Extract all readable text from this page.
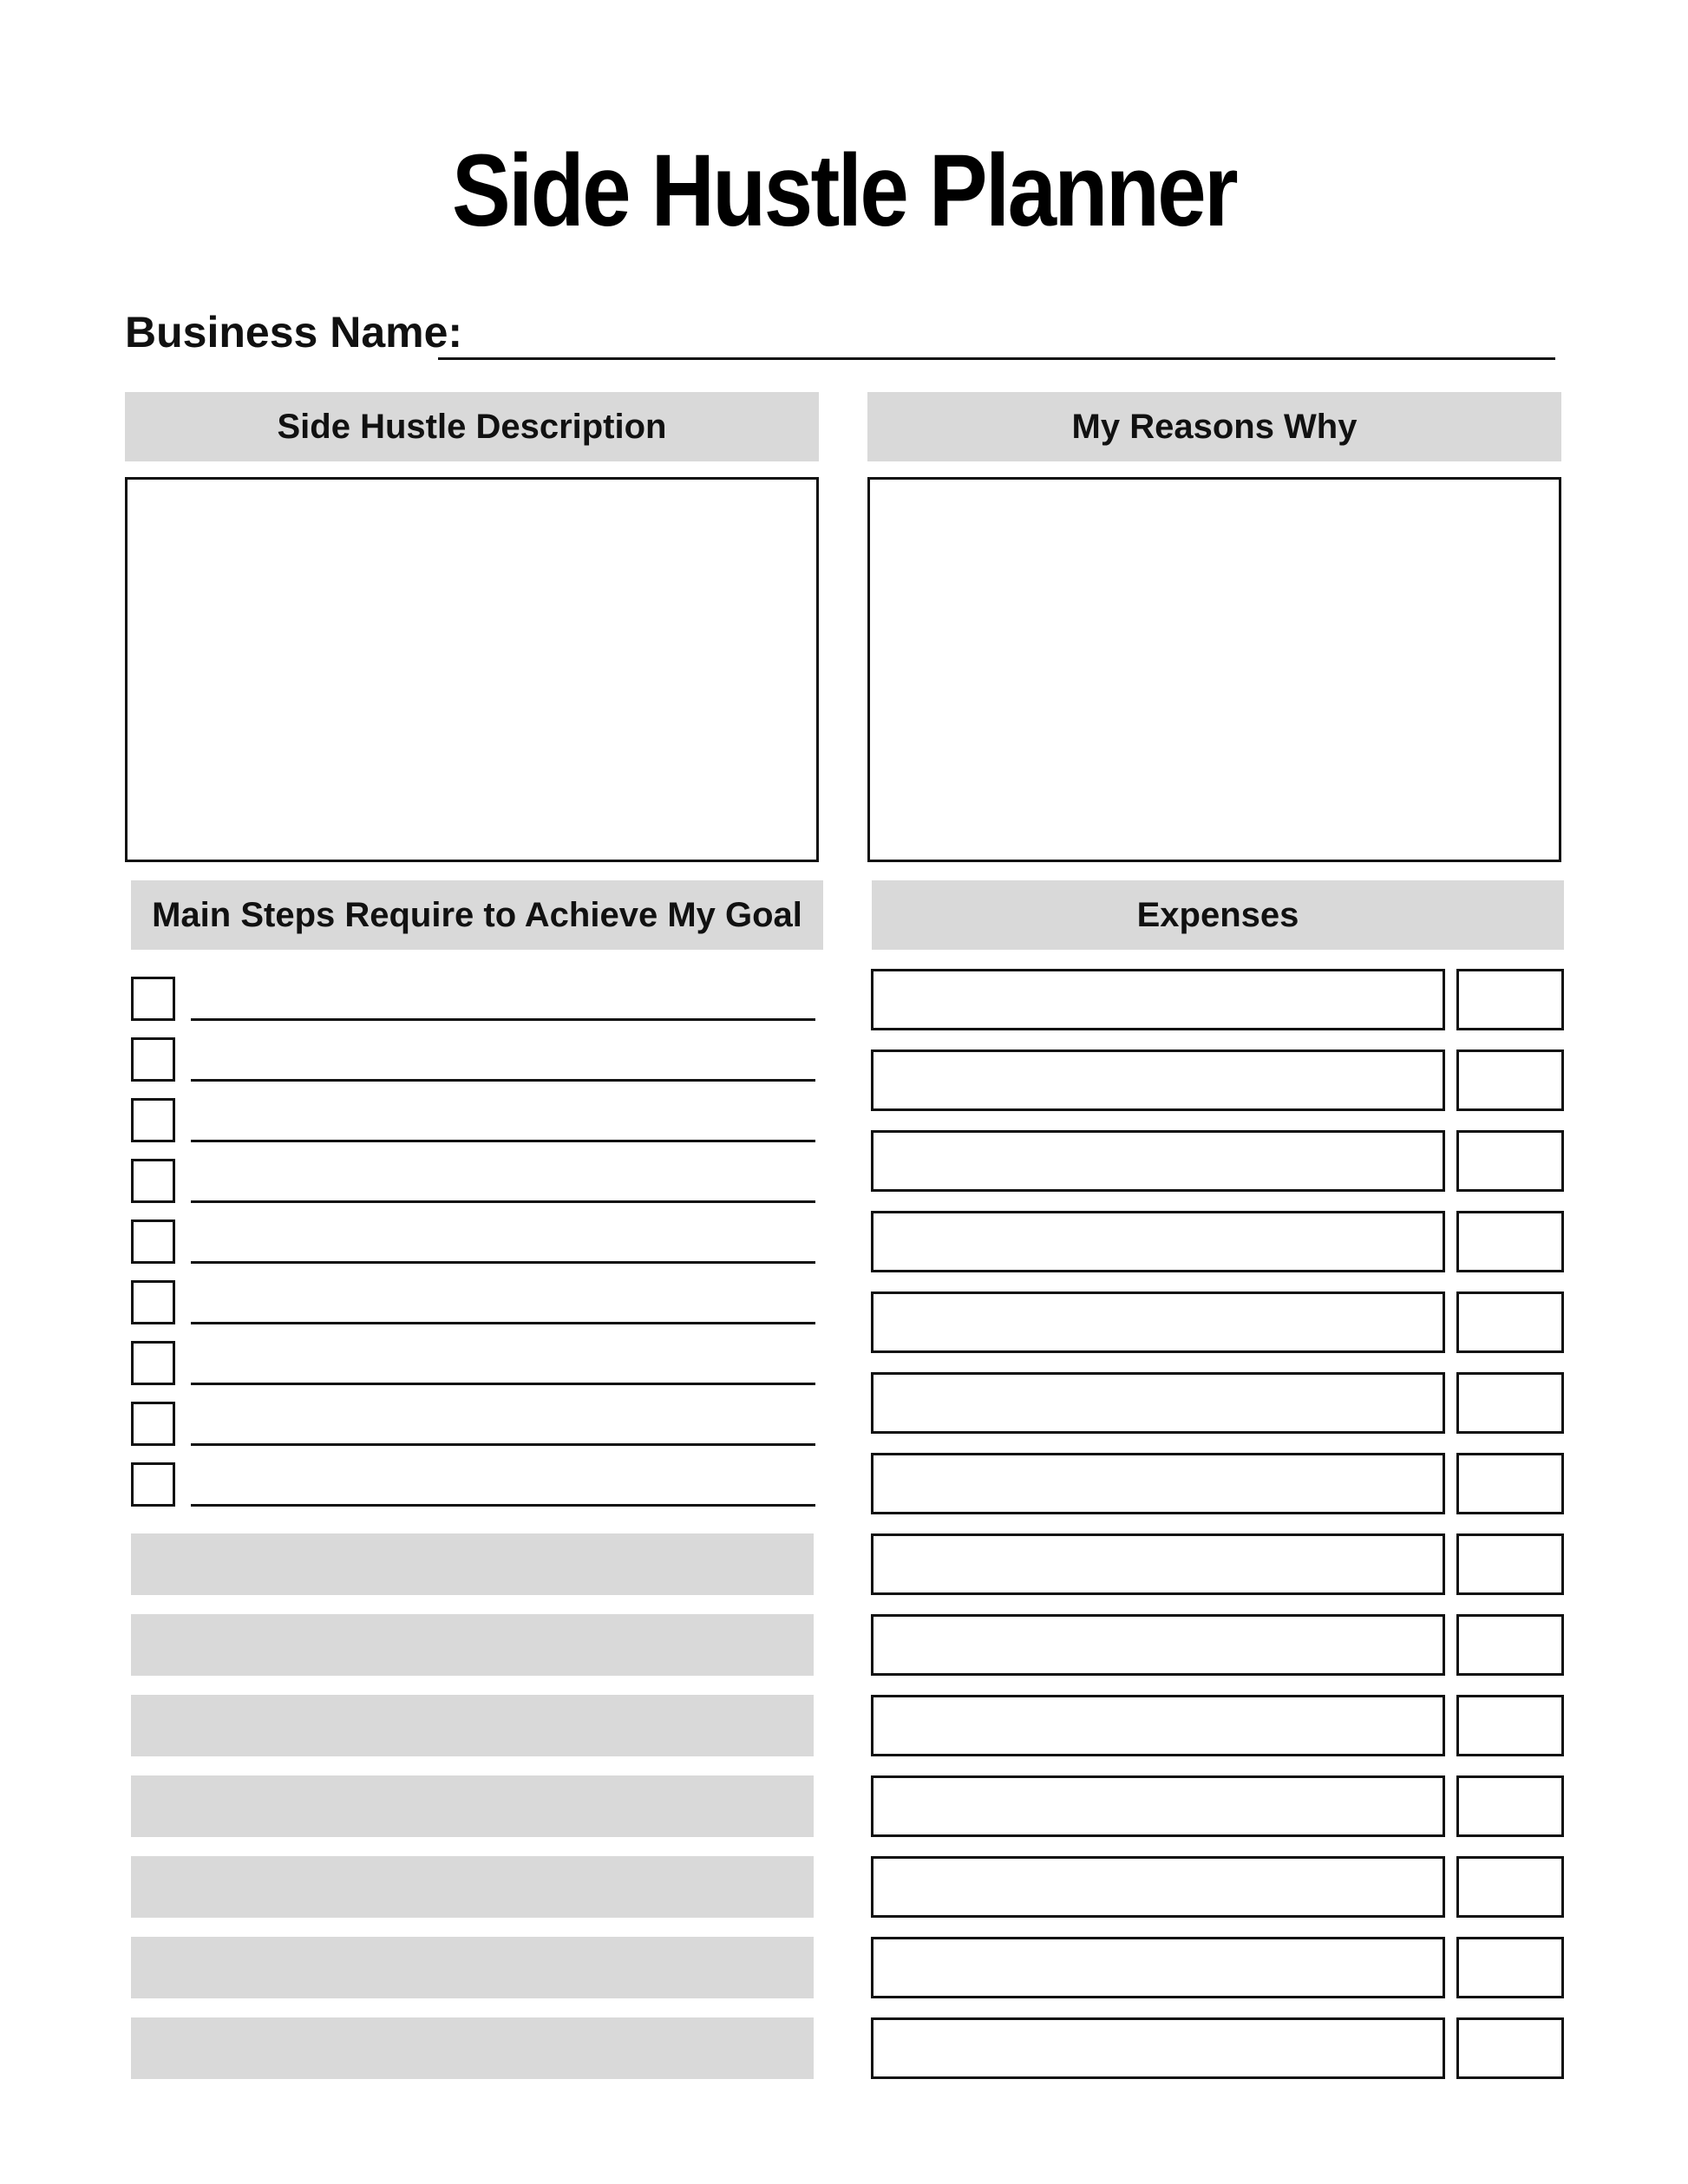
Side Hustle Planner
Business Name:
Side Hustle Description	My Reasons Why
Main Steps Require to Achieve My Goal	Expenses
